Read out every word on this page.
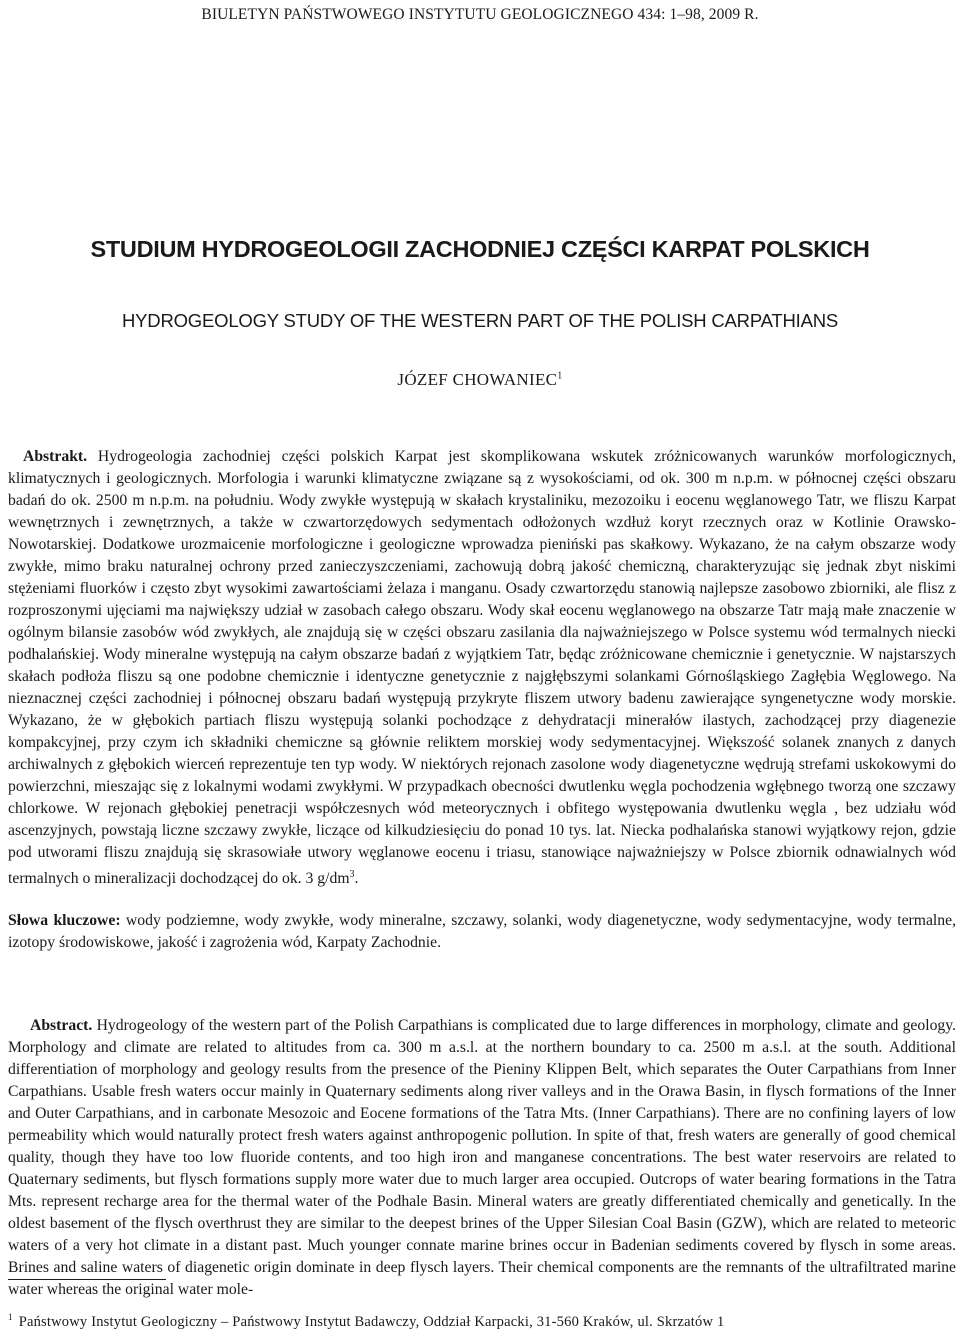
BIULETYN PAŃSTWOWEGO INSTYTUTU GEOLOGICZNEGO 434: 1–98, 2009 R.
STUDIUM HYDROGEOLOGII ZACHODNIEJ CZĘŚCI KARPAT POLSKICH
HYDROGEOLOGY STUDY OF THE WESTERN PART OF THE POLISH CARPATHIANS
JÓZEF CHOWANIEC$^1$
Abstrakt. Hydrogeologia zachodniej części polskich Karpat jest skomplikowana wskutek zróżnicowanych warunków morfologicznych, klimatycznych i geologicznych. Morfologia i warunki klimatyczne związane są z wysokościami, od ok. 300 m n.p.m. w północnej części obszaru badań do ok. 2500 m n.p.m. na południu. Wody zwykłe występują w skałach krystaliniku, mezozoiku i eocenu węglanowego Tatr, we fliszu Karpat wewnętrznych i zewnętrznych, a także w czwartorzędowych sedymentach odłożonych wzdłuż koryt rzecznych oraz w Kotlinie Orawsko-Nowotarskiej. Dodatkowe urozmaicenie morfologiczne i geologiczne wprowadza pieniński pas skałkowy. Wykazano, że na całym obszarze wody zwykłe, mimo braku naturalnej ochrony przed zanieczyszczeniami, zachowują dobrą jakość chemiczną, charakteryzując się jednak zbyt niskimi stężeniami fluorków i często zbyt wysokimi zawartościami żelaza i manganu. Osady czwartorzędu stanowią najlepsze zasobowo zbiorniki, ale flisz z rozproszonymi ujęciami ma największy udział w zasobach całego obszaru. Wody skał eocenu węglanowego na obszarze Tatr mają małe znaczenie w ogólnym bilansie zasobów wód zwykłych, ale znajdują się w części obszaru zasilania dla najważniejszego w Polsce systemu wód termalnych niecki podhalańskiej. Wody mineralne występują na całym obszarze badań z wyjątkiem Tatr, będąc zróżnicowane chemicznie i genetycznie. W najstarszych skałach podłoża fliszu są one podobne chemicznie i identyczne genetycznie z najgłębszymi solankami Górnośląskiego Zagłębia Węglowego. Na nieznacznej części zachodniej i północnej obszaru badań występują przykryte fliszem utwory badenu zawierające syngenetyczne wody morskie. Wykazano, że w głębokich partiach fliszu występują solanki pochodzące z dehydratacji minerałów ilastych, zachodzącej przy diagenezie kompakcyjnej, przy czym ich składniki chemiczne są głównie reliktem morskiej wody sedymentacyjnej. Większość solanek znanych z danych archiwalnych z głębokich wierceń reprezentuje ten typ wody. W niektórych rejonach zasolone wody diagenetyczne wędrują strefami uskokowymi do powierzchni, mieszając się z lokalnymi wodami zwykłymi. W przypadkach obecności dwutlenku węgla pochodzenia wgłębnego tworzą one szczawy chlorkowe. W rejonach głębokiej penetracji współczesnych wód meteorycznych i obfitego występowania dwutlenku węgla , bez udziału wód ascenzyjnych, powstają liczne szczawy zwykłe, liczące od kilkudziesięciu do ponad 10 tys. lat. Niecka podhalańska stanowi wyjątkowy rejon, gdzie pod utworami fliszu znajdują się skrasowiałe utwory węglanowe eocenu i triasu, stanowiące najważniejszy w Polsce zbiornik odnawialnych wód termalnych o mineralizacji dochodzącej do ok. 3 $g/dm^3$.
Słowa kluczowe: wody podziemne, wody zwykłe, wody mineralne, szczawy, solanki, wody diagenetyczne, wody sedymentacyjne, wody termalne, izotopy środowiskowe, jakość i zagrożenia wód, Karpaty Zachodnie.
Abstract. Hydrogeology of the western part of the Polish Carpathians is complicated due to large differences in morphology, climate and geology. Morphology and climate are related to altitudes from ca. 300 m a.s.l. at the northern boundary to ca. 2500 m a.s.l. at the south. Additional differentiation of morphology and geology results from the presence of the Pieniny Klippen Belt, which separates the Outer Carpathians from Inner Carpathians. Usable fresh waters occur mainly in Quaternary sediments along river valleys and in the Orawa Basin, in flysch formations of the Inner and Outer Carpathians, and in carbonate Mesozoic and Eocene formations of the Tatra Mts. (Inner Carpathians). There are no confining layers of low permeability which would naturally protect fresh waters against anthropogenic pollution. In spite of that, fresh waters are generally of good chemical quality, though they have too low fluoride contents, and too high iron and manganese concentrations. The best water reservoirs are related to Quaternary sediments, but flysch formations supply more water due to much larger area occupied. Outcrops of water bearing formations in the Tatra Mts. represent recharge area for the thermal water of the Podhale Basin. Mineral waters are greatly differentiated chemically and genetically. In the oldest basement of the flysch overthrust they are similar to the deepest brines of the Upper Silesian Coal Basin (GZW), which are related to meteoric waters of a very hot climate in a distant past. Much younger connate marine brines occur in Badenian sediments covered by flysch in some areas. Brines and saline waters of diagenetic origin dominate in deep flysch layers. Their chemical components are the remnants of the ultrafiltrated marine water whereas the original water mole-
$^1$ Państwowy Instytut Geologiczny – Państwowy Instytut Badawczy, Oddział Karpacki, 31-560 Kraków, ul. Skrzatów 1
